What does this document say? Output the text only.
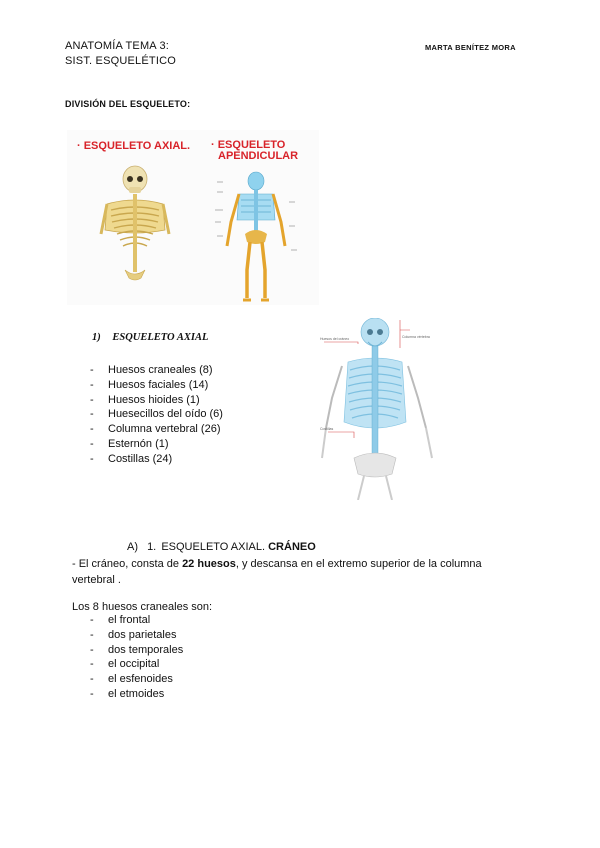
ANATOMÍA TEMA 3:
SIST. ESQUELÉTICO
MARTA BENÍTEZ MORA
DIVISIÓN DEL ESQUELETO:
· ESQUELETO AXIAL. · ESQUELETO
APENDICULAR
1) ESQUELETO AXIAL
- Huesos craneales (8)
- Huesos faciales (14)
- Huesos hioides (1)
- Huesecillos del oído (6)
- Columna vertebral (26)
- Esternón (1)
- Costillas (24)
Columna vértebra
Huesos del cráneo
Costillas
A) 1. ESQUELETO AXIAL. CRÁNEO
- El cráneo, consta de 22 huesos, y descansa en el extremo superior de la columna
vertebral .
Los 8 huesos craneales son:
- el frontal
- dos parietales
- dos temporales
- el occipital
- el esfenoides
- el etmoides
